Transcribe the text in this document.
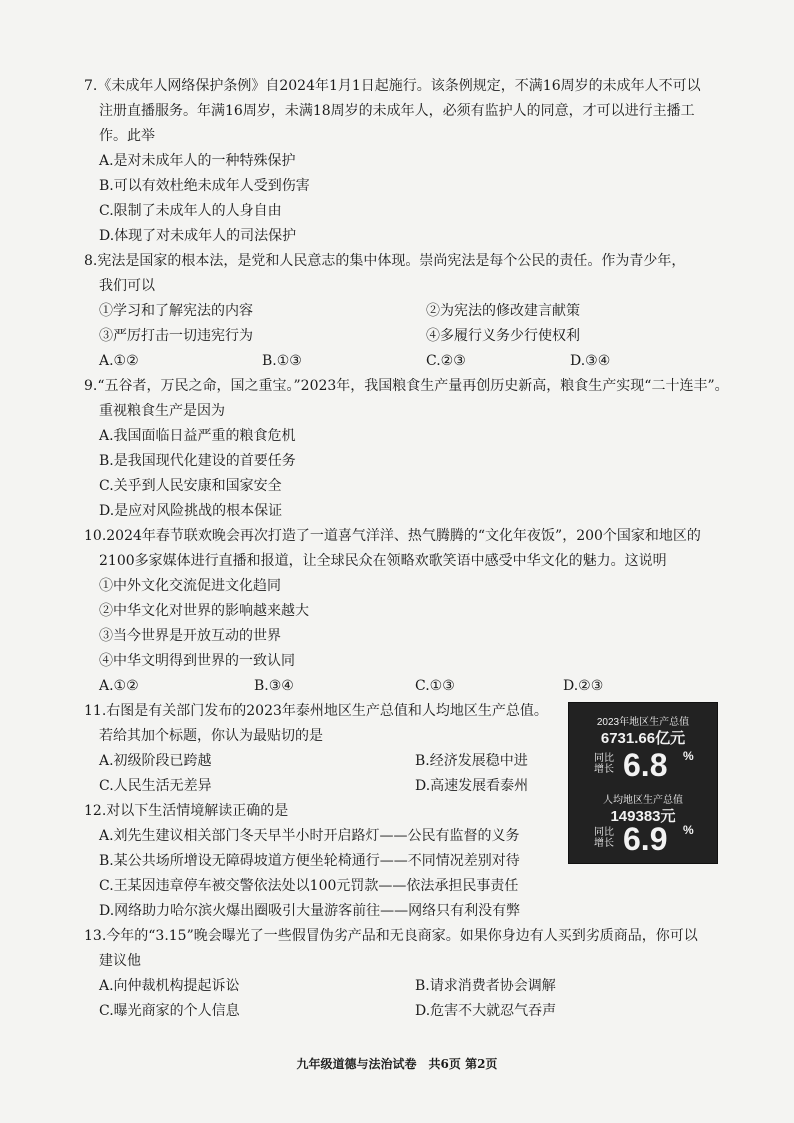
7.《未成年人网络保护条例》自2024年1月1日起施行。该条例规定，不满16周岁的未成年人不可以
注册直播服务。年满16周岁，未满18周岁的未成年人，必须有监护人的同意，才可以进行主播工
作。此举
A.是对未成年人的一种特殊保护
B.可以有效杜绝未成年人受到伤害
C.限制了未成年人的人身自由
D.体现了对未成年人的司法保护
8.宪法是国家的根本法，是党和人民意志的集中体现。崇尚宪法是每个公民的责任。作为青少年，
我们可以
①学习和了解宪法的内容	②为宪法的修改建言献策
③严厉打击一切违宪行为	④多履行义务少行使权利
A.①②	B.①③	C.②③	D.③④
9.“五谷者，万民之命，国之重宝。”2023年，我国粮食生产量再创历史新高，粮食生产实现“二十连丰”。
重视粮食生产是因为
A.我国面临日益严重的粮食危机
B.是我国现代化建设的首要任务
C.关乎到人民安康和国家安全
D.是应对风险挑战的根本保证
10.2024年春节联欢晚会再次打造了一道喜气洋洋、热气腾腾的“文化年夜饭”，200个国家和地区的
2100多家媒体进行直播和报道，让全球民众在领略欢歌笑语中感受中华文化的魅力。这说明
①中外文化交流促进文化趋同
②中华文化对世界的影响越来越大
③当今世界是开放互动的世界
④中华文明得到世界的一致认同
A.①②	B.③④	C.①③	D.②③
11.右图是有关部门发布的2023年泰州地区生产总值和人均地区生产总值。
若给其加个标题，你认为最贴切的是
A.初级阶段已跨越	B.经济发展稳中进
C.人民生活无差异	D.高速发展看泰州
2023年地区生产总值
6731.66亿元
同比增长 6.8 %
人均地区生产总值
149383元
同比增长 6.9 %
12.对以下生活情境解读正确的是
A.刘先生建议相关部门冬天早半小时开启路灯——公民有监督的义务
B.某公共场所增设无障碍坡道方便坐轮椅通行——不同情况差别对待
C.王某因违章停车被交警依法处以100元罚款——依法承担民事责任
D.网络助力哈尔滨火爆出圈吸引大量游客前往——网络只有利没有弊
13.今年的“3.15”晚会曝光了一些假冒伪劣产品和无良商家。如果你身边有人买到劣质商品，你可以
建议他
A.向仲裁机构提起诉讼	B.请求消费者协会调解
C.曝光商家的个人信息	D.危害不大就忍气吞声
九年级道德与法治试卷　共6页 第2页
